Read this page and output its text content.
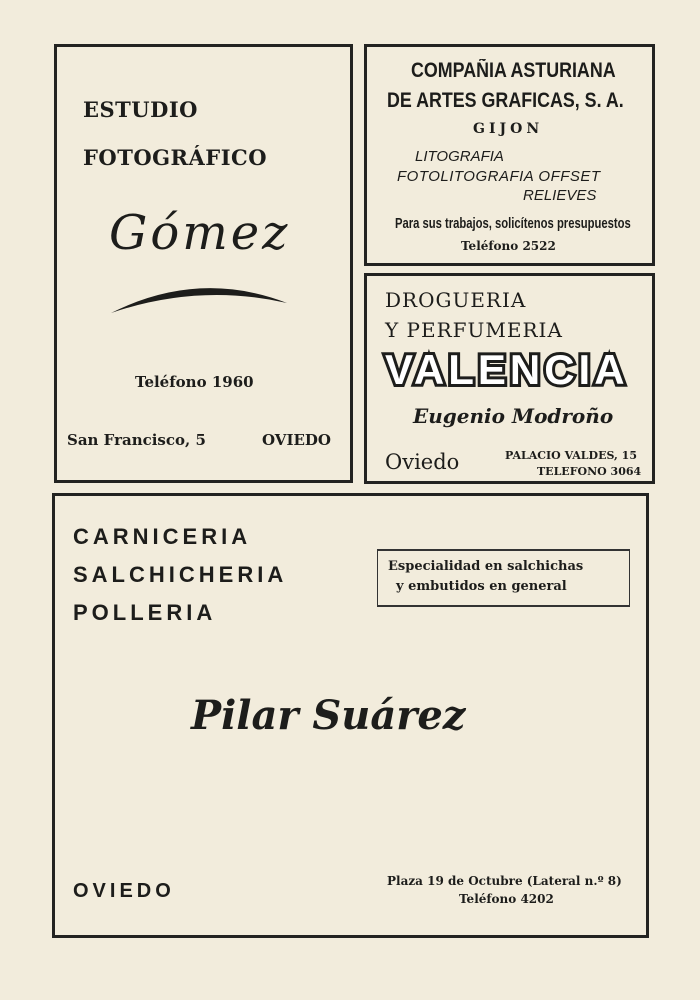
ESTUDIO
FOTOGRÁFICO
Gómez
Teléfono 1960
San Francisco, 5	OVIEDO
COMPAÑIA ASTURIANA
DE ARTES GRAFICAS, S. A.
GIJON
LITOGRAFIA
FOTOLITOGRAFIA OFFSET
RELIEVES
Para sus trabajos, solicítenos presupuestos
Teléfono 2522
DROGUERIA
Y PERFUMERIA
VALENCIA
Eugenio Modroño
Oviedo	PALACIO VALDES, 15
TELEFONO 3064
CARNICERIA
SALCHICHERIA
POLLERIA
Especialidad en salchichas
y embutidos en general
Pilar Suárez
OVIEDO	Plaza 19 de Octubre (Lateral n.º 8)
Teléfono 4202
